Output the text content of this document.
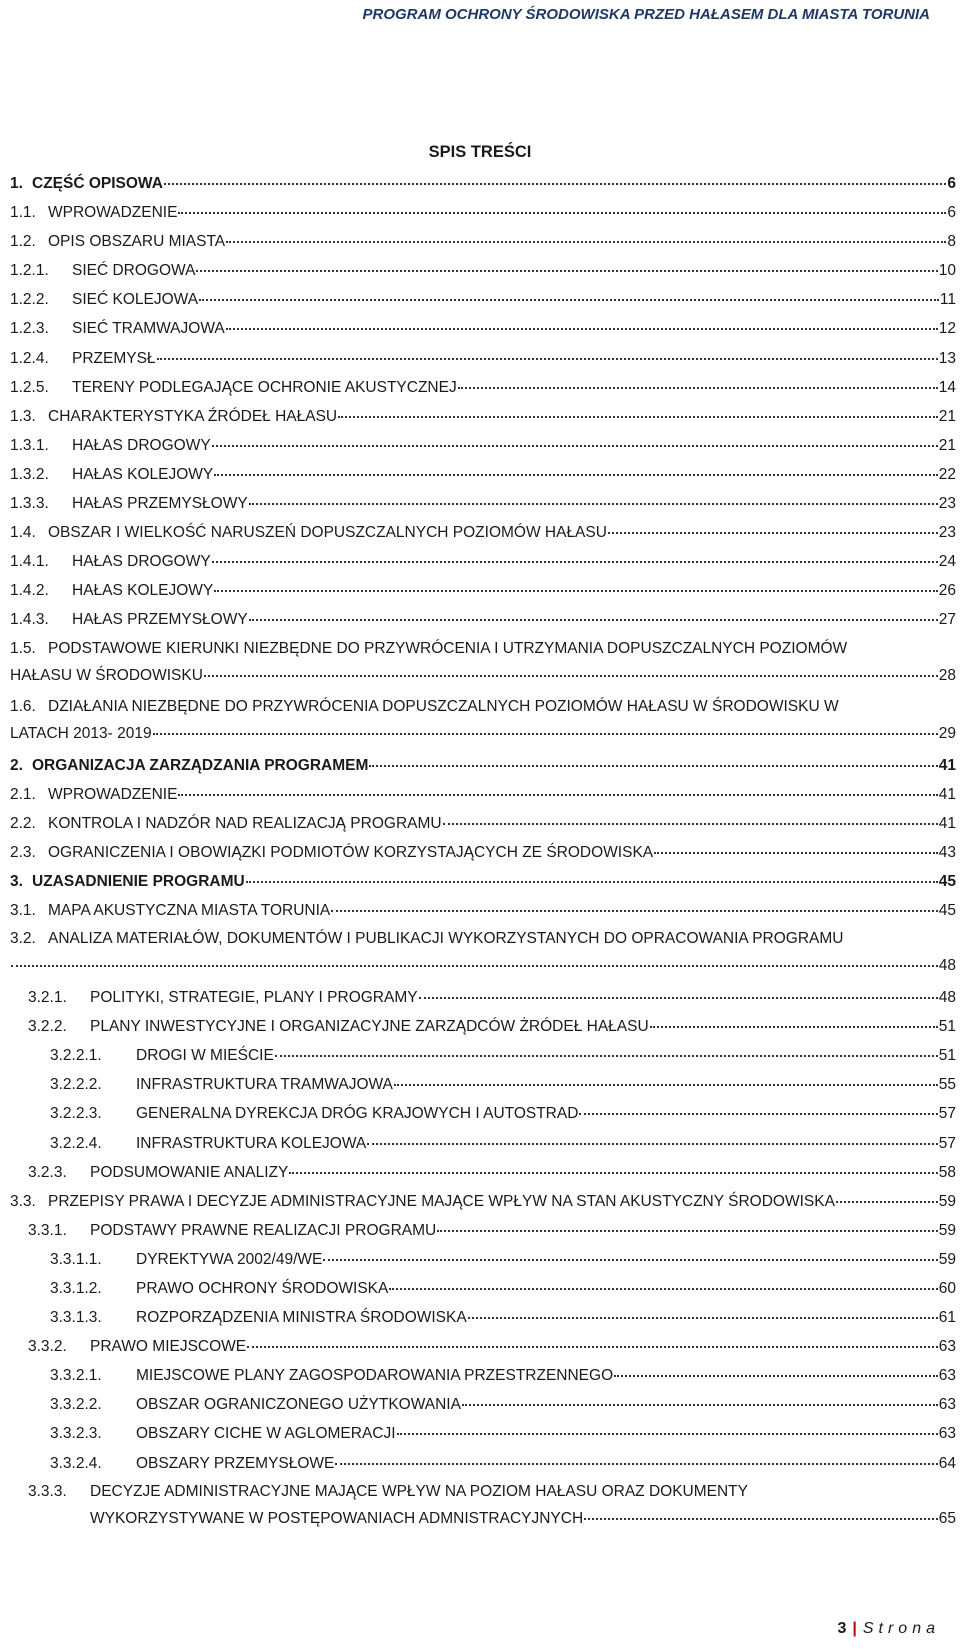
PROGRAM OCHRONY ŚRODOWISKA PRZED HAŁASEM DLA MIASTA TORUNIA
SPIS TREŚCI
1. CZĘŚĆ OPISOWA	6
1.1. WPROWADZENIE	6
1.2. OPIS OBSZARU MIASTA	8
1.2.1.	SIEĆ DROGOWA	10
1.2.2.	SIEĆ KOLEJOWA	11
1.2.3.	SIEĆ TRAMWAJOWA	12
1.2.4.	PRZEMYSŁ	13
1.2.5.	TERENY PODLEGAJĄCE OCHRONIE AKUSTYCZNEJ	14
1.3. CHARAKTERYSTYKA ŹRÓDEŁ HAŁASU	21
1.3.1.	HAŁAS DROGOWY	21
1.3.2.	HAŁAS KOLEJOWY	22
1.3.3.	HAŁAS PRZEMYSŁOWY	23
1.4. OBSZAR I WIELKOŚĆ NARUSZEŃ DOPUSZCZALNYCH POZIOMÓW HAŁASU	23
1.4.1.	HAŁAS DROGOWY	24
1.4.2.	HAŁAS KOLEJOWY	26
1.4.3.	HAŁAS PRZEMYSŁOWY	27
1.5. PODSTAWOWE KIERUNKI NIEZBĘDNE DO PRZYWRÓCENIA I UTRZYMANIA DOPUSZCZALNYCH POZIOMÓW
HAŁASU W ŚRODOWISKU	28
1.6. DZIAŁANIA NIEZBĘDNE DO PRZYWRÓCENIA DOPUSZCZALNYCH POZIOMÓW HAŁASU W ŚRODOWISKU W
LATACH 2013- 2019	29
2. ORGANIZACJA ZARZĄDZANIA PROGRAMEM	41
2.1. WPROWADZENIE	41
2.2. KONTROLA I NADZÓR NAD REALIZACJĄ PROGRAMU	41
2.3. OGRANICZENIA I OBOWIĄZKI PODMIOTÓW KORZYSTAJĄCYCH ZE ŚRODOWISKA	43
3. UZASADNIENIE PROGRAMU	45
3.1. MAPA AKUSTYCZNA MIASTA TORUNIA	45
3.2. ANALIZA MATERIAŁÓW, DOKUMENTÓW I PUBLIKACJI WYKORZYSTANYCH DO OPRACOWANIA PROGRAMU
48
3.2.1.	POLITYKI, STRATEGIE, PLANY I PROGRAMY	48
3.2.2.	PLANY INWESTYCYJNE I ORGANIZACYJNE ZARZĄDCÓW ŻRÓDEŁ HAŁASU	51
3.2.2.1.	DROGI W MIEŚCIE	51
3.2.2.2.	INFRASTRUKTURA TRAMWAJOWA	55
3.2.2.3.	GENERALNA DYREKCJA DRÓG KRAJOWYCH I AUTOSTRAD	57
3.2.2.4.	INFRASTRUKTURA KOLEJOWA	57
3.2.3.	PODSUMOWANIE ANALIZY	58
3.3. PRZEPISY PRAWA I DECYZJE ADMINISTRACYJNE MAJĄCE WPŁYW NA STAN AKUSTYCZNY ŚRODOWISKA	59
3.3.1.	PODSTAWY PRAWNE REALIZACJI PROGRAMU	59
3.3.1.1.	DYREKTYWA 2002/49/WE	59
3.3.1.2.	PRAWO OCHRONY ŚRODOWISKA	60
3.3.1.3.	ROZPORZĄDZENIA MINISTRA ŚRODOWISKA	61
3.3.2.	PRAWO MIEJSCOWE	63
3.3.2.1.	MIEJSCOWE PLANY ZAGOSPODAROWANIA PRZESTRZENNEGO	63
3.3.2.2.	OBSZAR OGRANICZONEGO UŻYTKOWANIA	63
3.3.2.3.	OBSZARY CICHE W AGLOMERACJI	63
3.3.2.4.	OBSZARY PRZEMYSŁOWE	64
3.3.3. DECYZJE ADMINISTRACYJNE MAJĄCE WPŁYW NA POZIOM HAŁASU ORAZ DOKUMENTY
WYKORZYSTYWANE W POSTĘPOWANIACH ADMNISTRACYJNYCH	65
3 | Strona
